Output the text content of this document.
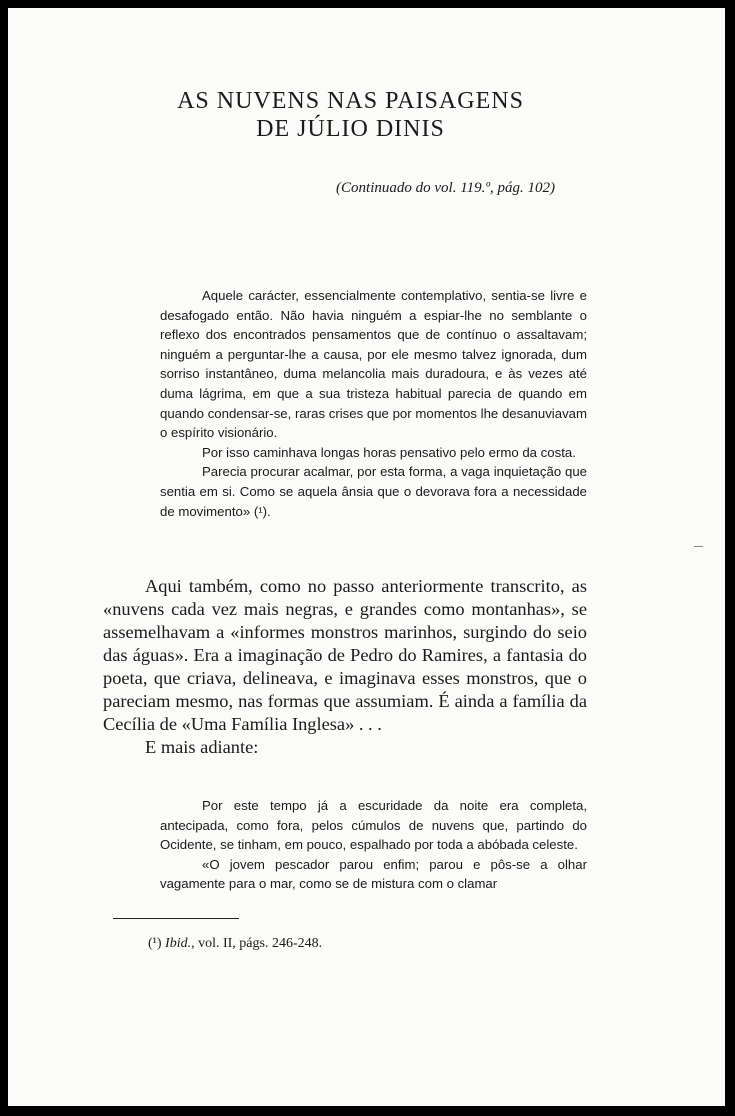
AS NUVENS NAS PAISAGENS
DE JÚLIO DINIS
(Continuado do vol. 119.º, pág. 102)

Aquele carácter, essencialmente contemplativo, sentia-se livre e desafogado então. Não havia ninguém a espiar-lhe no semblante o reflexo dos encontrados pensamentos que de contínuo o assaltavam; ninguém a perguntar-lhe a causa, por ele mesmo talvez ignorada, dum sorriso instantâneo, duma melancolia mais duradoura, e às vezes até duma lágrima, em que a sua tristeza habitual parecia de quando em quando condensar-se, raras crises que por momentos lhe desanuviavam o espírito visionário.

Por isso caminhava longas horas pensativo pelo ermo da costa.

Parecia procurar acalmar, por esta forma, a vaga inquietação que sentia em si. Como se aquela ânsia que o devorava fora a necessidade de movimento» (¹).

Aqui também, como no passo anteriormente transcrito, as «nuvens cada vez mais negras, e grandes como montanhas», se assemelhavam a «informes monstros marinhos, surgindo do seio das águas». Era a imaginação de Pedro do Ramires, a fantasia do poeta, que criava, delineava, e imaginava esses monstros, que o pareciam mesmo, nas formas que assumiam. É ainda a família da Cecília de «Uma Família Inglesa» . . .

E mais adiante:

Por este tempo já a escuridade da noite era completa, antecipada, como fora, pelos cúmulos de nuvens que, partindo do Ocidente, se tinham, em pouco, espalhado por toda a abóbada celeste.

«O jovem pescador parou enfim; parou e pôs-se a olhar vagamente para o mar, como se de mistura com o clamar

(¹) Ibid., vol. II, págs. 246-248.
